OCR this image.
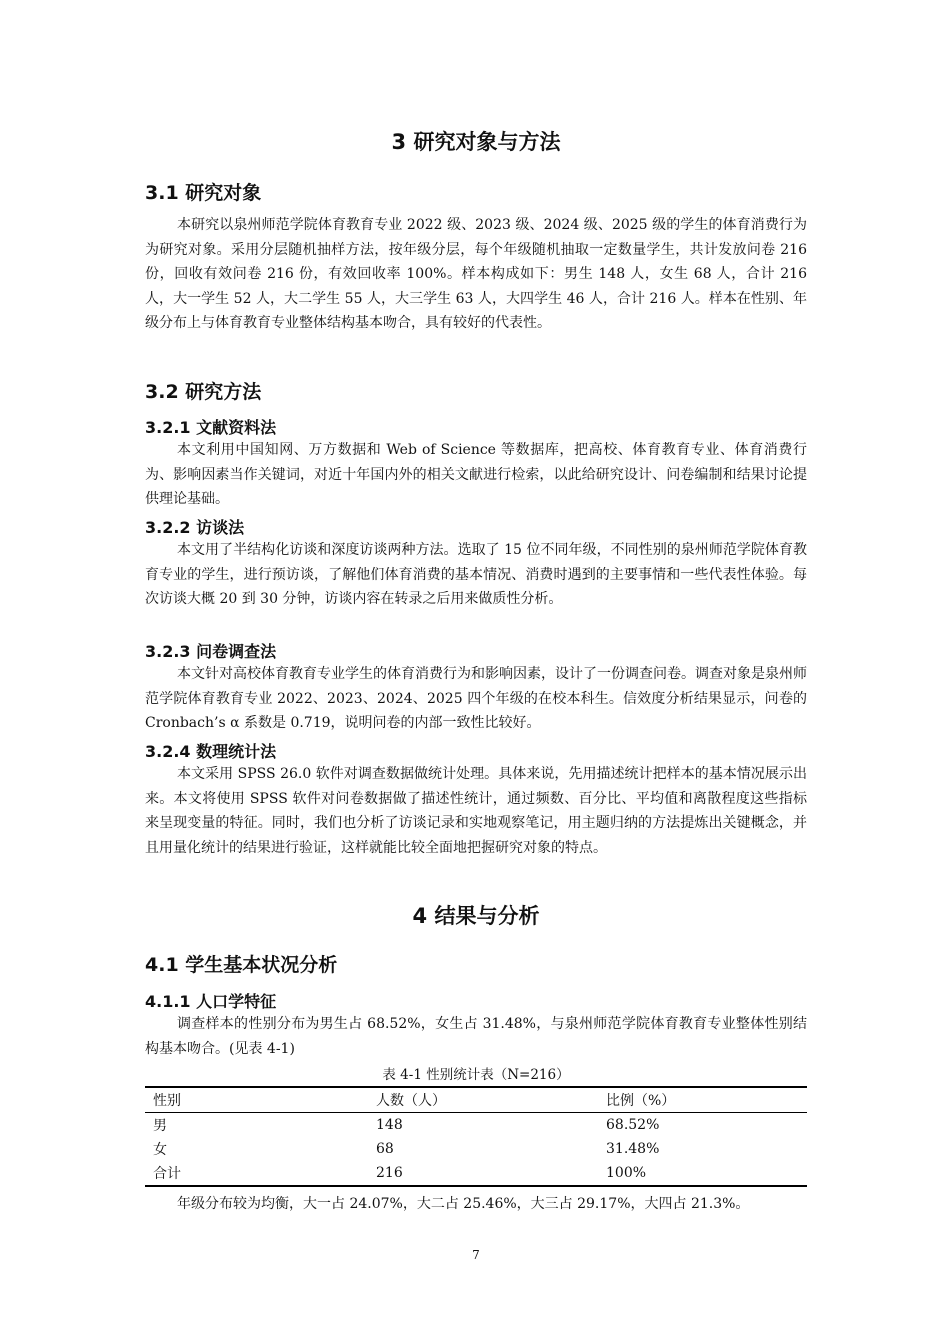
3 研究对象与方法
3.1 研究对象

本研究以泉州师范学院体育教育专业 2022 级、2023 级、2024 级、2025 级的学生的体育消费行为为研究对象。采用分层随机抽样方法，按年级分层，每个年级随机抽取一定数量学生，共计发放问卷 216 份，回收有效问卷 216 份，有效回收率 100%。样本构成如下：男生 148 人，女生 68 人，合计 216 人，大一学生 52 人，大二学生 55 人，大三学生 63 人，大四学生 46 人，合计 216 人。样本在性别、年级分布上与体育教育专业整体结构基本吻合，具有较好的代表性。

3.2 研究方法
3.2.1 文献资料法

本文利用中国知网、万方数据和 Web of Science 等数据库，把高校、体育教育专业、体育消费行为、影响因素当作关键词，对近十年国内外的相关文献进行检索，以此给研究设计、问卷编制和结果讨论提供理论基础。

3.2.2 访谈法

本文用了半结构化访谈和深度访谈两种方法。选取了 15 位不同年级，不同性别的泉州师范学院体育教育专业的学生，进行预访谈，了解他们体育消费的基本情况、消费时遇到的主要事情和一些代表性体验。每次访谈大概 20 到 30 分钟，访谈内容在转录之后用来做质性分析。

3.2.3 问卷调查法

本文针对高校体育教育专业学生的体育消费行为和影响因素，设计了一份调查问卷。调查对象是泉州师范学院体育教育专业 2022、2023、2024、2025 四个年级的在校本科生。信效度分析结果显示，问卷的 Cronbach’s α 系数是 0.719，说明问卷的内部一致性比较好。

3.2.4 数理统计法

本文采用 SPSS 26.0 软件对调查数据做统计处理。具体来说，先用描述统计把样本的基本情况展示出来。本文将使用 SPSS 软件对问卷数据做了描述性统计，通过频数、百分比、平均值和离散程度这些指标来呈现变量的特征。同时，我们也分析了访谈记录和实地观察笔记，用主题归纳的方法提炼出关键概念，并且用量化统计的结果进行验证，这样就能比较全面地把握研究对象的特点。

4 结果与分析
4.1 学生基本状况分析
4.1.1 人口学特征

调查样本的性别分布为男生占 68.52%，女生占 31.48%，与泉州师范学院体育教育专业整体性别结构基本吻合。(见表 4-1)

表 4-1 性别统计表（N=216）
性别	人数（人）	比例（%）
男	148	68.52%
女	68	31.48%
合计	216	100%

年级分布较为均衡，大一占 24.07%，大二占 25.46%，大三占 29.17%，大四占 21.3%。

7
